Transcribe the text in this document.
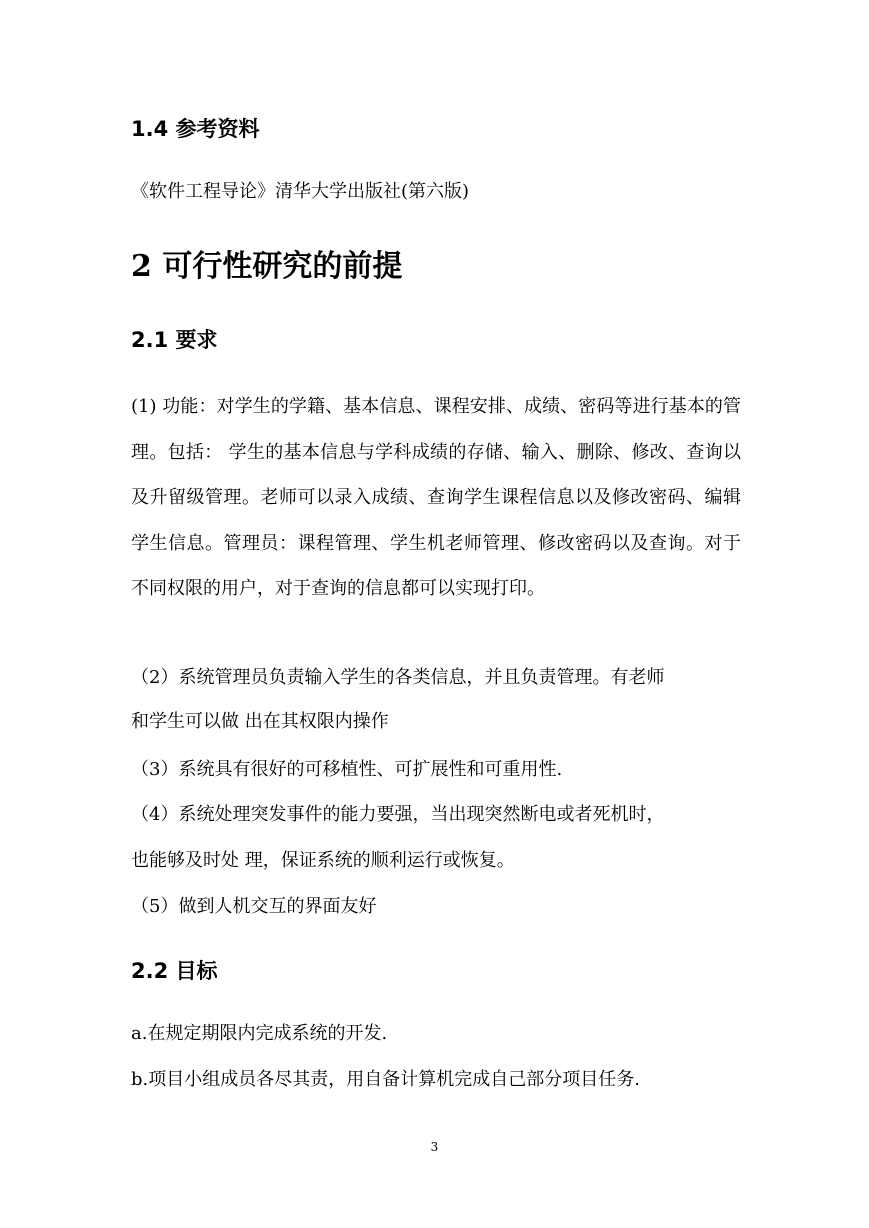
1.4 参考资料

《软件工程导论》清华大学出版社(第六版)

2 可行性研究的前提
2.1 要求

(1) 功能：对学生的学籍、基本信息、课程安排、成绩、密码等进行基本的管理。包括： 学生的基本信息与学科成绩的存储、输入、删除、修改、查询以及升留级管理。老师可以录入成绩、查询学生课程信息以及修改密码、编辑学生信息。管理员：课程管理、学生机老师管理、修改密码以及查询。对于不同权限的用户，对于查询的信息都可以实现打印。

（2）系统管理员负责输入学生的各类信息，并且负责管理。有老师

和学生可以做 出在其权限内操作

（3）系统具有很好的可移植性、可扩展性和可重用性.

（4）系统处理突发事件的能力要强，当出现突然断电或者死机时，

也能够及时处 理，保证系统的顺利运行或恢复。

（5）做到人机交互的界面友好

2.2 目标

a.在规定期限内完成系统的开发.

b.项目小组成员各尽其责，用自备计算机完成自己部分项目任务.

3
